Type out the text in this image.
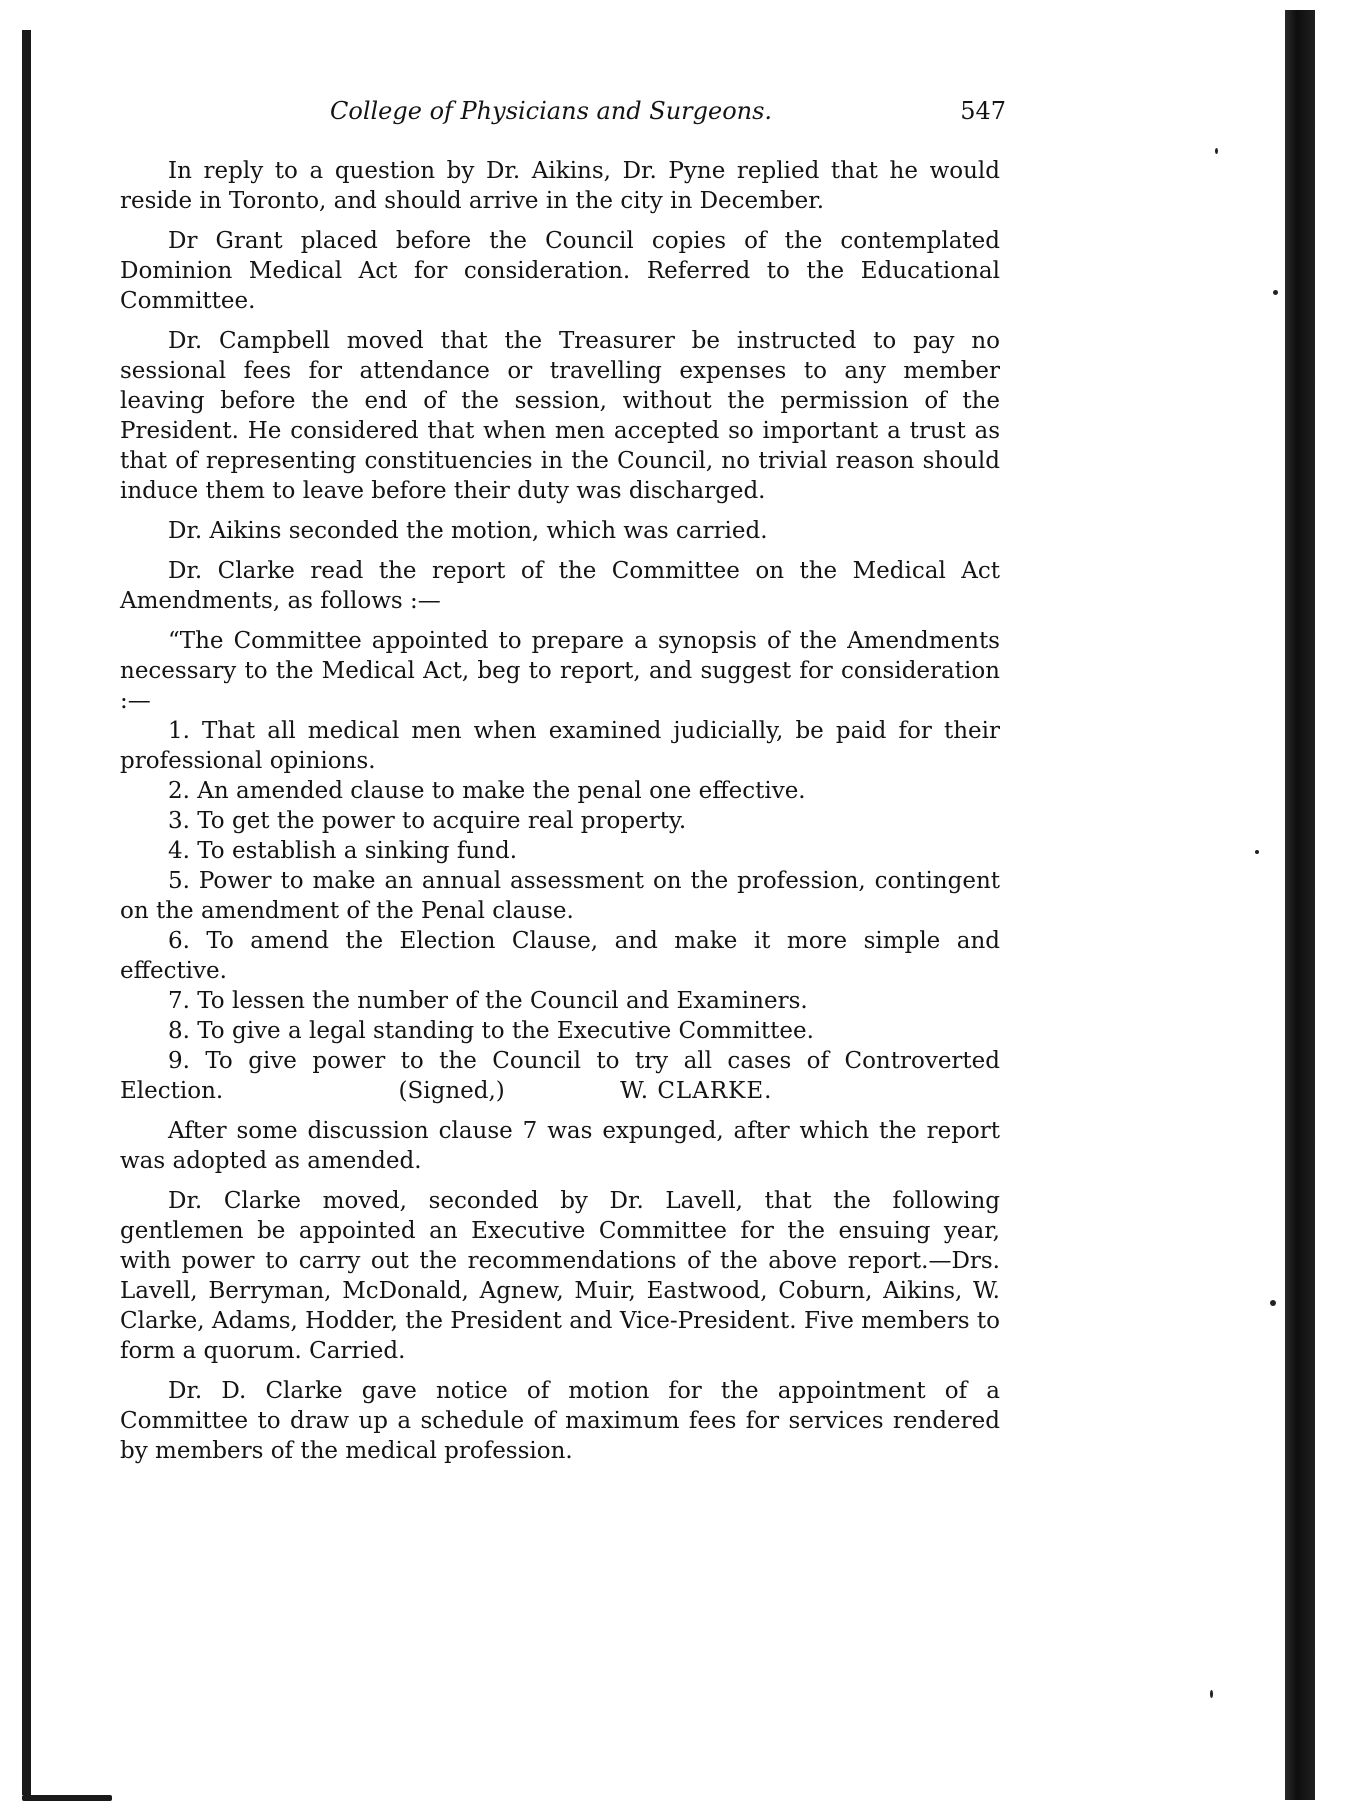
College of Physicians and Surgeons.	547

In reply to a question by Dr. Aikins, Dr. Pyne replied that he would reside in Toronto, and should arrive in the city in December.

Dr Grant placed before the Council copies of the contemplated Dominion Medical Act for consideration. Referred to the Educational Committee.

Dr. Campbell moved that the Treasurer be instructed to pay no sessional fees for attendance or travelling expenses to any member leaving before the end of the session, without the permission of the President. He considered that when men accepted so important a trust as that of representing constituencies in the Council, no trivial reason should induce them to leave before their duty was discharged.

Dr. Aikins seconded the motion, which was carried.

Dr. Clarke read the report of the Committee on the Medical Act Amendments, as follows :—

“The Committee appointed to prepare a synopsis of the Amendments necessary to the Medical Act, beg to report, and suggest for consideration :—

1. That all medical men when examined judicially, be paid for their professional opinions.

2. An amended clause to make the penal one effective.

3. To get the power to acquire real property.

4. To establish a sinking fund.

5. Power to make an annual assessment on the profession, contingent on the amendment of the Penal clause.

6. To amend the Election Clause, and make it more simple and effective.

7. To lessen the number of the Council and Examiners.

8. To give a legal standing to the Executive Committee.

9. To give power to the Council to try all cases of Controverted Election.	(Signed,)	W. CLARKE.

After some discussion clause 7 was expunged, after which the report was adopted as amended.

Dr. Clarke moved, seconded by Dr. Lavell, that the following gentlemen be appointed an Executive Committee for the ensuing year, with power to carry out the recommendations of the above report.—Drs. Lavell, Berryman, McDonald, Agnew, Muir, Eastwood, Coburn, Aikins, W. Clarke, Adams, Hodder, the President and Vice-President. Five members to form a quorum. Carried.

Dr. D. Clarke gave notice of motion for the appointment of a Committee to draw up a schedule of maximum fees for services rendered by members of the medical profession.
